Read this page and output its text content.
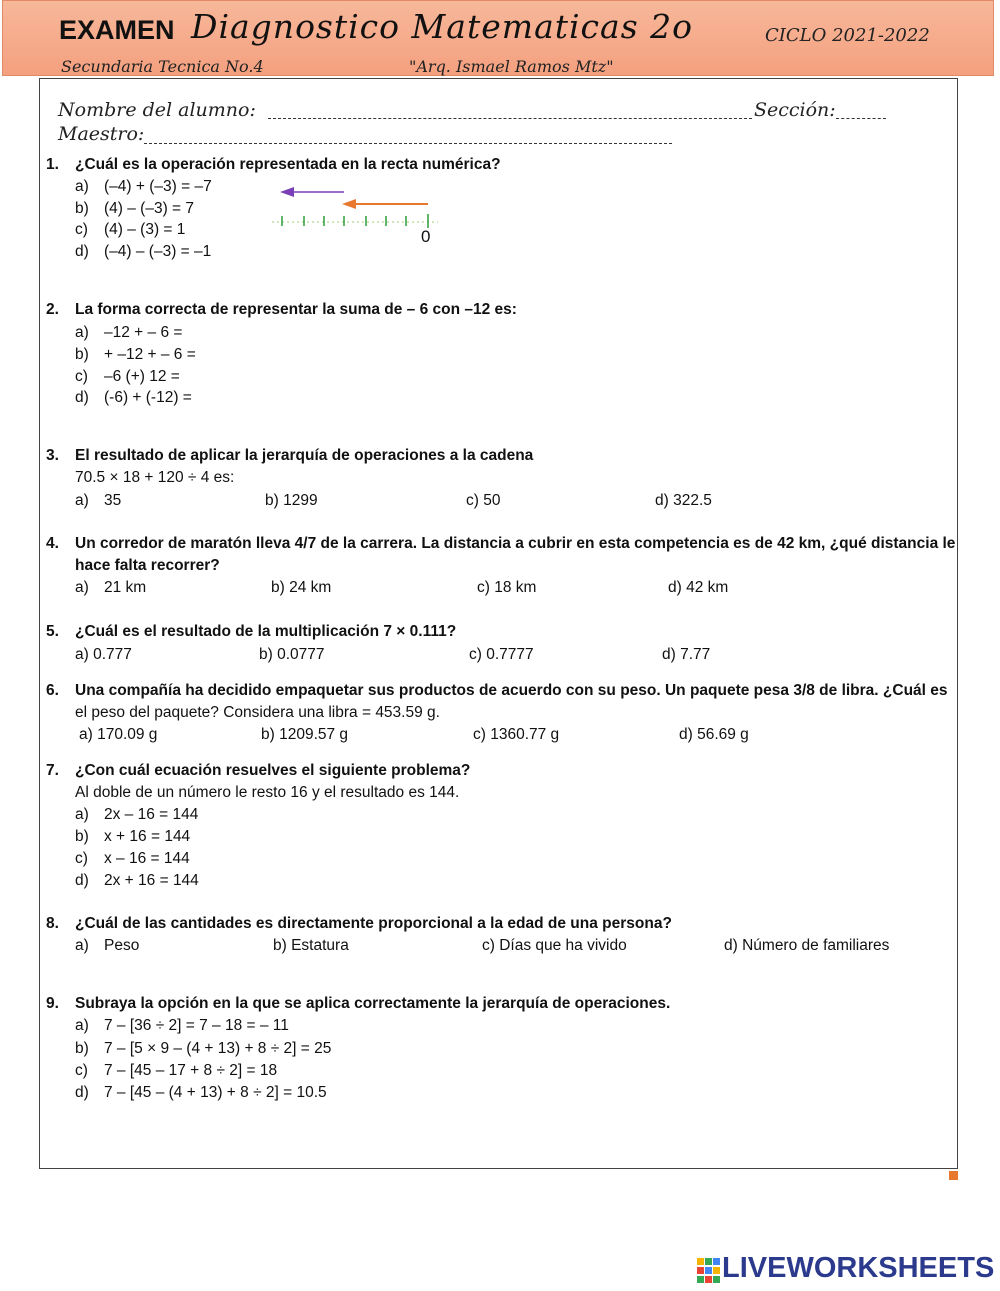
EXAMEN Diagnostico Matematicas 2o	CICLO 2021-2022
Secundaria Tecnica No.4	"Arq. Ismael Ramos Mtz"
Nombre del alumno:	Sección:
Maestro:
1. ¿Cuál es la operación representada en la recta numérica?
a) (–4) + (–3) = –7
b) (4) – (–3) = 7
c) (4) – (3) = 1
d) (–4) – (–3) = –1
0
2. La forma correcta de representar la suma de – 6 con –12 es:
a) –12 + – 6 =
b) + –12 + – 6 =
c) –6 (+) 12 =
d) (-6) + (-12) =
3. El resultado de aplicar la jerarquía de operaciones a la cadena
70.5 × 18 + 120 ÷ 4 es:
a) 35	b) 1299	c) 50	d) 322.5
4. Un corredor de maratón lleva 4/7 de la carrera. La distancia a cubrir en esta competencia es de 42 km, ¿qué distancia le
hace falta recorrer?
a) 21 km	b) 24 km	c) 18 km	d) 42 km
5. ¿Cuál es el resultado de la multiplicación 7 × 0.111?
a) 0.777	b) 0.0777	c) 0.7777	d) 7.77
6. Una compañía ha decidido empaquetar sus productos de acuerdo con su peso. Un paquete pesa 3/8 de libra. ¿Cuál es
el peso del paquete? Considera una libra = 453.59 g.
a) 170.09 g	b) 1209.57 g	c) 1360.77 g	d) 56.69 g
7. ¿Con cuál ecuación resuelves el siguiente problema?
Al doble de un número le resto 16 y el resultado es 144.
a) 2x – 16 = 144
b) x + 16 = 144
c) x – 16 = 144
d) 2x + 16 = 144
8. ¿Cuál de las cantidades es directamente proporcional a la edad de una persona?
a) Peso	b) Estatura	c) Días que ha vivido	d) Número de familiares
9. Subraya la opción en la que se aplica correctamente la jerarquía de operaciones.
a) 7 – [36 ÷ 2] = 7 – 18 = – 11
b) 7 – [5 × 9 – (4 + 13) + 8 ÷ 2] = 25
c) 7 – [45 – 17 + 8 ÷ 2] = 18
d) 7 – [45 – (4 + 13) + 8 ÷ 2] = 10.5
LIVEWORKSHEETS
